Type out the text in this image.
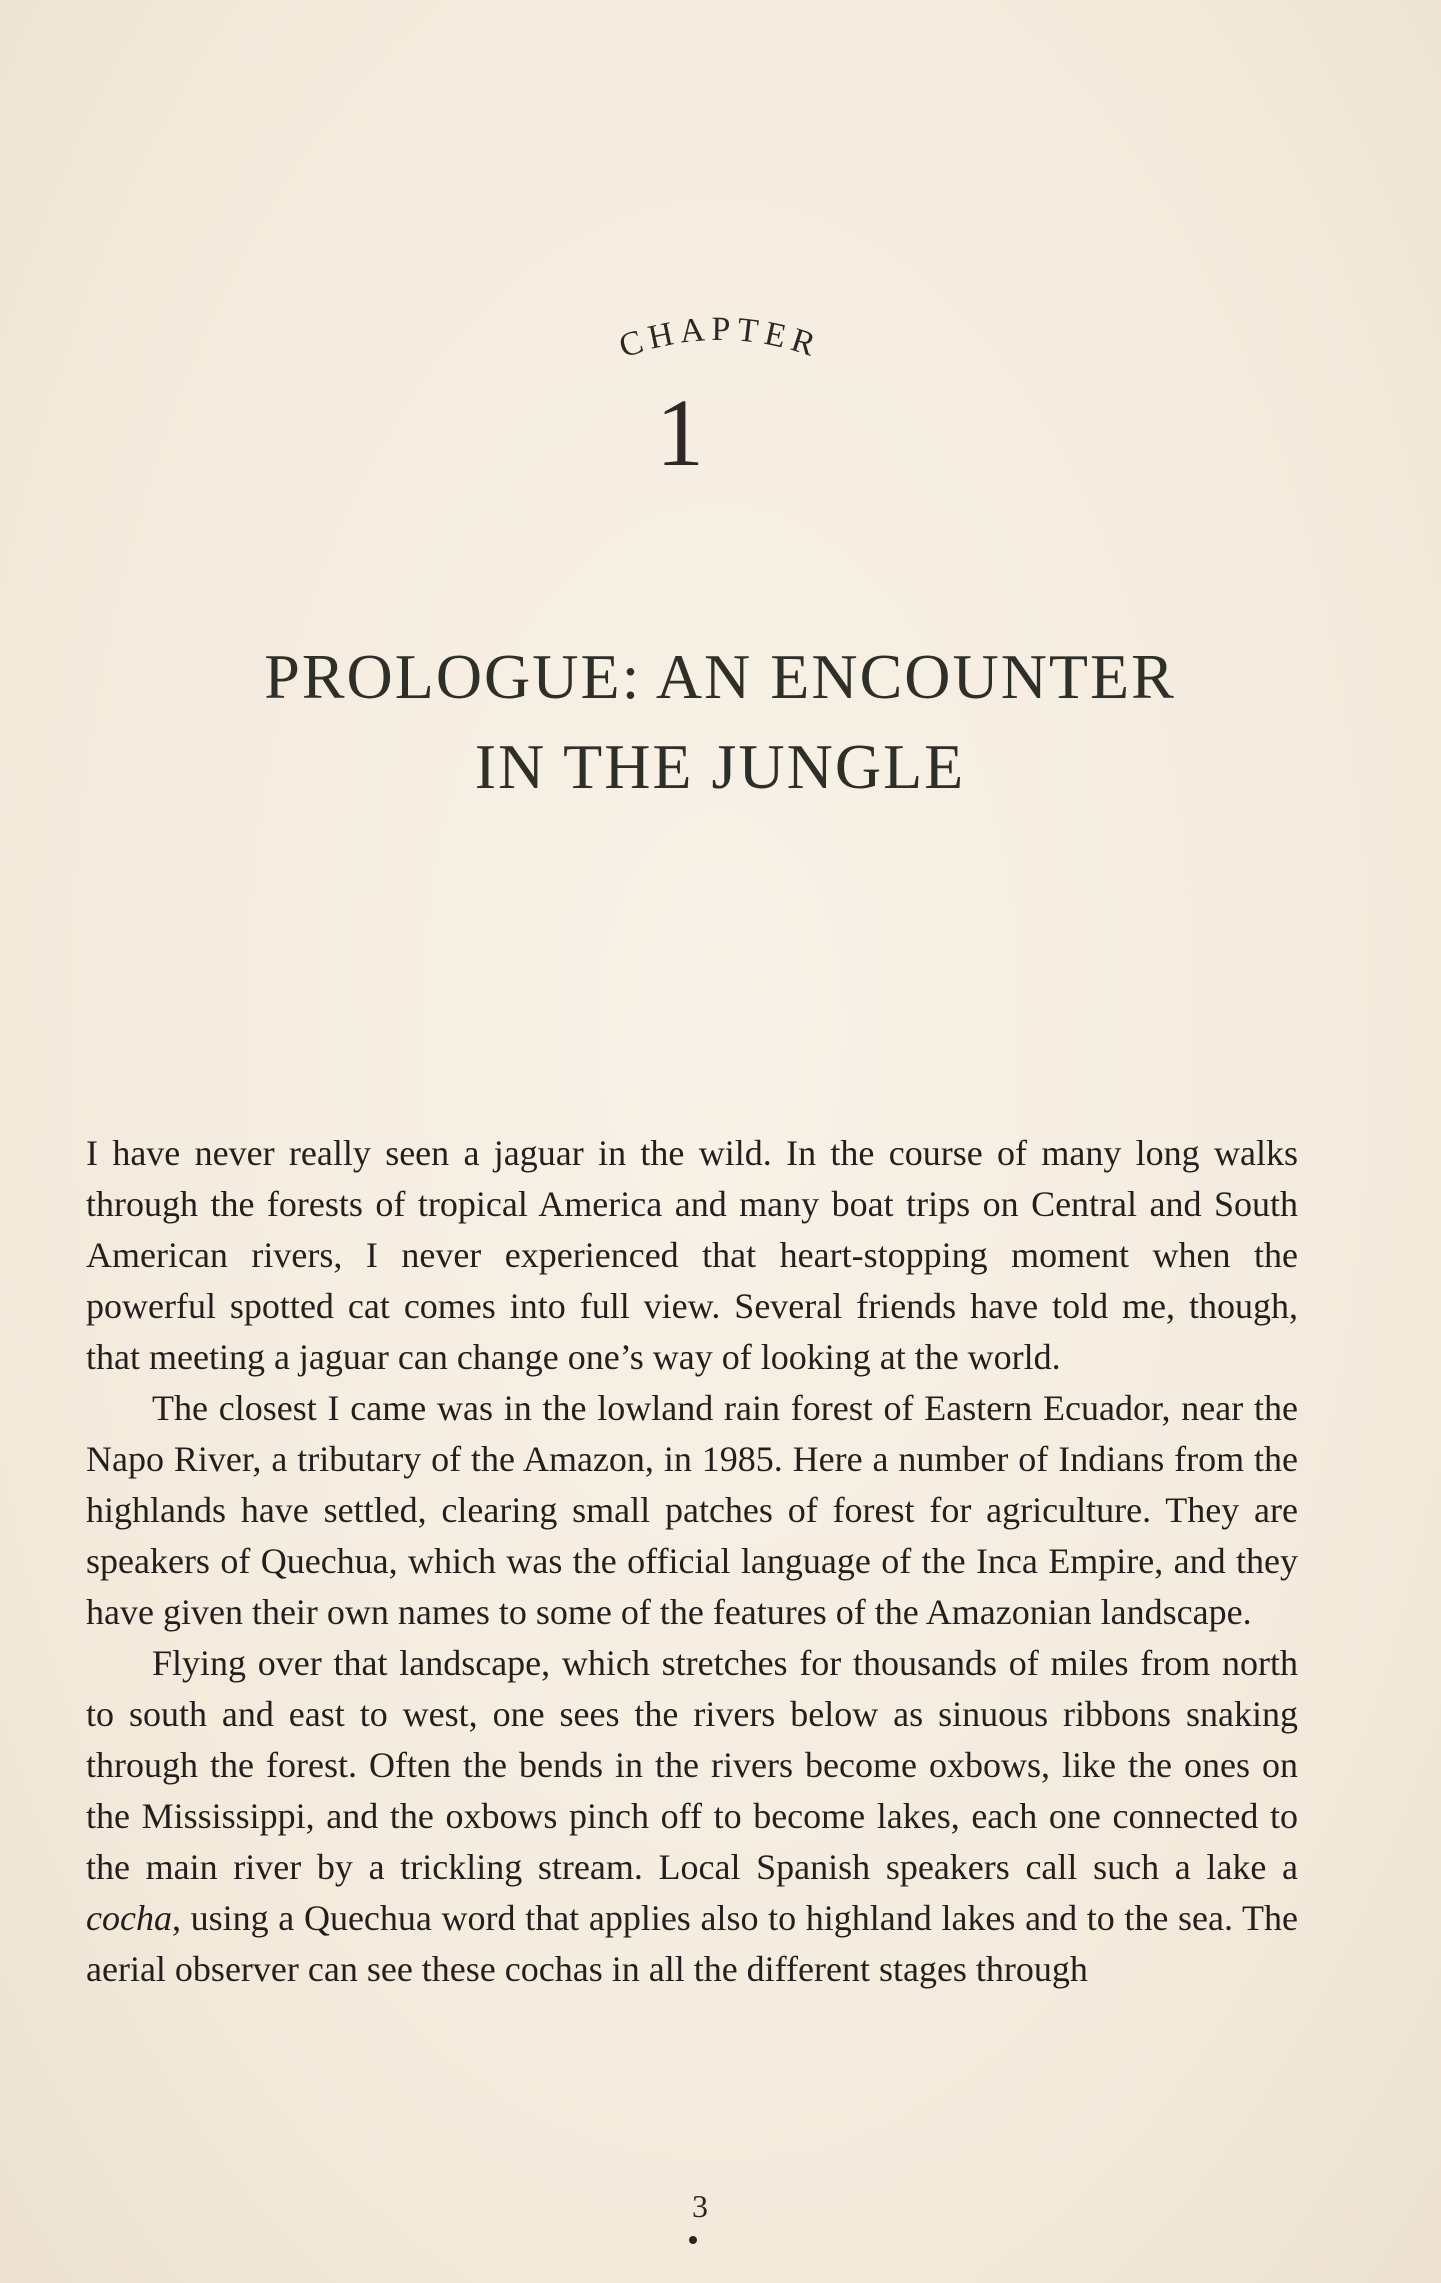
CHAPTER
1
PROLOGUE: AN ENCOUNTER
IN THE JUNGLE

I have never really seen a jaguar in the wild. In the course of many long walks through the forests of tropical America and many boat trips on Central and South American rivers, I never experienced that heart-stopping moment when the powerful spotted cat comes into full view. Several friends have told me, though, that meeting a jaguar can change one’s way of looking at the world.

The closest I came was in the lowland rain forest of Eastern Ecuador, near the Napo River, a tributary of the Amazon, in 1985. Here a number of Indians from the highlands have settled, clearing small patches of forest for agriculture. They are speakers of Quechua, which was the official language of the Inca Empire, and they have given their own names to some of the features of the Amazonian landscape.

Flying over that landscape, which stretches for thousands of miles from north to south and east to west, one sees the rivers below as sinuous ribbons snaking through the forest. Often the bends in the rivers become oxbows, like the ones on the Mississippi, and the oxbows pinch off to become lakes, each one connected to the main river by a trickling stream. Local Spanish speakers call such a lake a cocha, using a Quechua word that applies also to highland lakes and to the sea. The aerial observer can see these cochas in all the different stages through

3
